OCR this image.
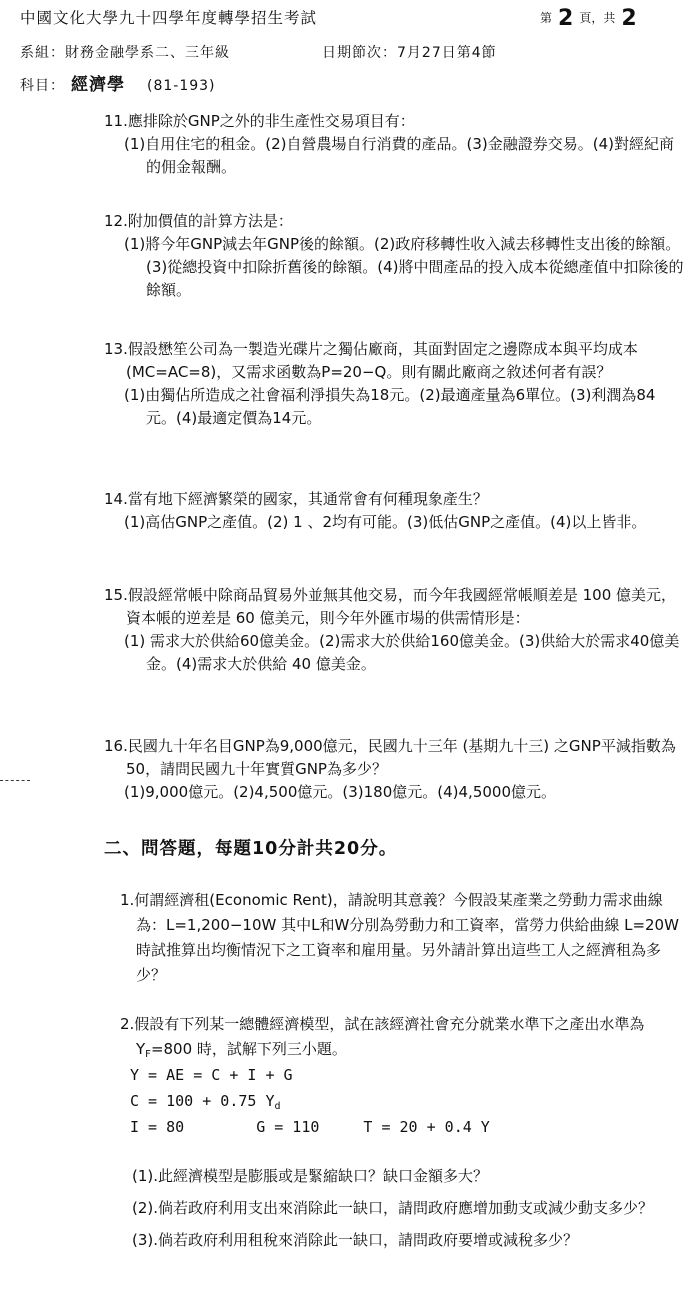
中國文化大學九十四學年度轉學招生考試	第 2 頁，共 2
系組：財務金融學系二、三年級	日期節次：7月27日第4節
科目： 經濟學 (81-193)
11.應排除於GNP之外的非生產性交易項目有：
(1)自用住宅的租金。(2)自營農場自行消費的產品。(3)金融證券交易。(4)對經紀商的佣金報酬。
12.附加價值的計算方法是：
(1)將今年GNP減去年GNP後的餘額。(2)政府移轉性收入減去移轉性支出後的餘額。(3)從總投資中扣除折舊後的餘額。(4)將中間產品的投入成本從總產值中扣除後的餘額。
13.假設懋笙公司為一製造光碟片之獨佔廠商，其面對固定之邊際成本與平均成本(MC=AC=8)，又需求函數為P=20−Q。則有關此廠商之敘述何者有誤？
(1)由獨佔所造成之社會福利淨損失為18元。(2)最適產量為6單位。(3)利潤為84元。(4)最適定價為14元。
14.當有地下經濟繁榮的國家，其通常會有何種現象產生？
(1)高估GNP之產值。(2) 1 、2均有可能。(3)低估GNP之產值。(4)以上皆非。
15.假設經常帳中除商品貿易外並無其他交易，而今年我國經常帳順差是 100 億美元，資本帳的逆差是 60 億美元，則今年外匯市場的供需情形是：
(1) 需求大於供給60億美金。(2)需求大於供給160億美金。(3)供給大於需求40億美金。(4)需求大於供給 40 億美金。
16.民國九十年名目GNP為9,000億元，民國九十三年 (基期九十三) 之GNP平減指數為50，請問民國九十年實質GNP為多少？
(1)9,000億元。(2)4,500億元。(3)180億元。(4)4,5000億元。
二、問答題，每題10分計共20分。
1.何謂經濟租(Economic Rent)，請說明其意義？今假設某產業之勞動力需求曲線為：L=1,200−10W 其中L和W分別為勞動力和工資率，當勞力供給曲線 L=20W 時試推算出均衡情況下之工資率和雇用量。另外請計算出這些工人之經濟租為多少？
2.假設有下列某一總體經濟模型，試在該經濟社會充分就業水準下之產出水準為 $Y_F=800$ 時，試解下列三小題。
Y = AE = C + I + G
C = 100 + 0.75 $Y_d$
I = 80	G = 110	T = 20 + 0.4 Y
(1).此經濟模型是膨脹或是緊縮缺口？缺口金額多大？
(2).倘若政府利用支出來消除此一缺口，請問政府應增加動支或減少動支多少？
(3).倘若政府利用租稅來消除此一缺口，請問政府要增或減稅多少？
